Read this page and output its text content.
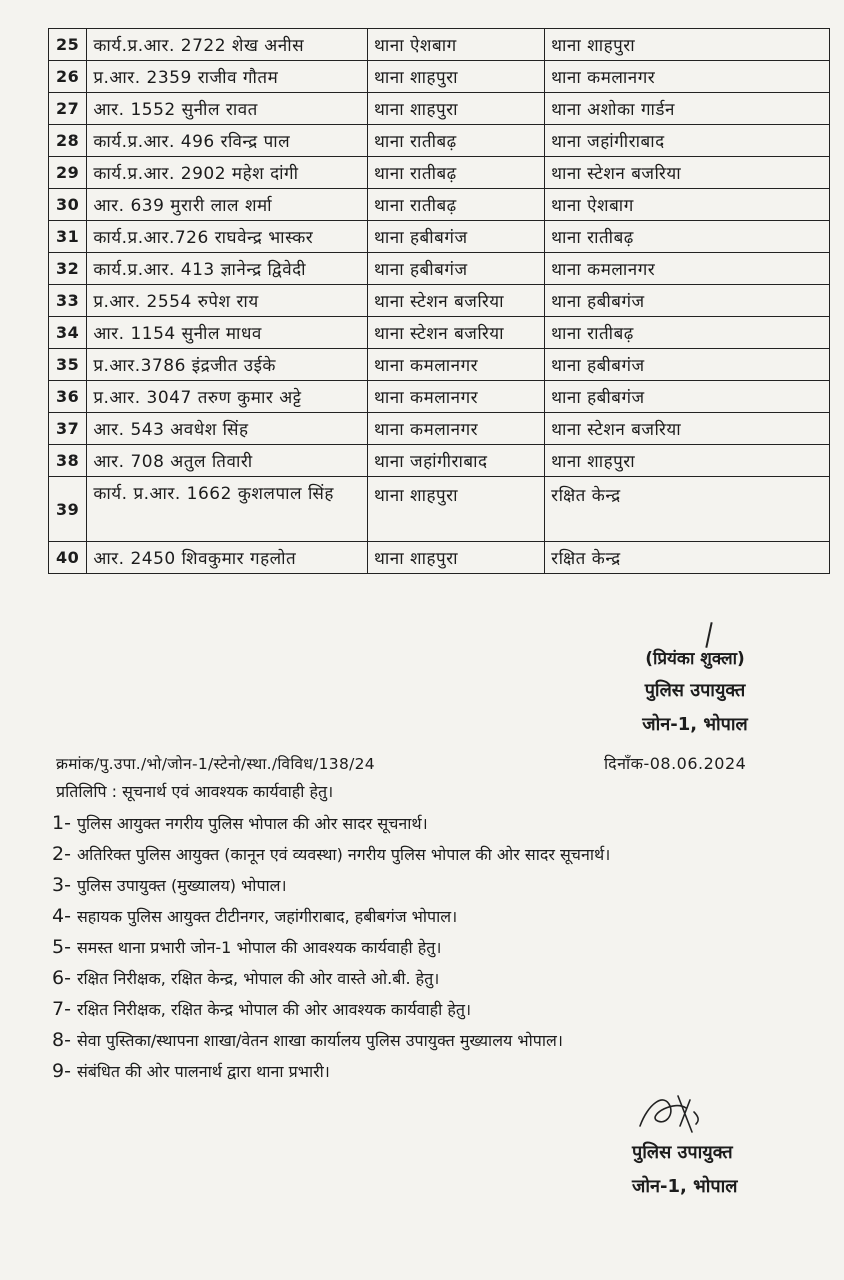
25	कार्य.प्र.आर. 2722 शेख अनीस	थाना ऐशबाग	थाना शाहपुरा
26	प्र.आर. 2359 राजीव गौतम	थाना शाहपुरा	थाना कमलानगर
27	आर. 1552 सुनील रावत	थाना शाहपुरा	थाना अशोका गार्डन
28	कार्य.प्र.आर. 496 रविन्द्र पाल	थाना रातीबढ़	थाना जहांगीराबाद
29	कार्य.प्र.आर. 2902 महेश दांगी	थाना रातीबढ़	थाना स्टेशन बजरिया
30	आर. 639 मुरारी लाल शर्मा	थाना रातीबढ़	थाना ऐशबाग
31	कार्य.प्र.आर.726 राघवेन्द्र भास्कर	थाना हबीबगंज	थाना रातीबढ़
32	कार्य.प्र.आर. 413 ज्ञानेन्द्र द्विवेदी	थाना हबीबगंज	थाना कमलानगर
33	प्र.आर. 2554 रुपेश राय	थाना स्टेशन बजरिया	थाना हबीबगंज
34	आर. 1154 सुनील माधव	थाना स्टेशन बजरिया	थाना रातीबढ़
35	प्र.आर.3786 इंद्रजीत उईके	थाना कमलानगर	थाना हबीबगंज
36	प्र.आर. 3047 तरुण कुमार अट्टे	थाना कमलानगर	थाना हबीबगंज
37	आर. 543 अवधेश सिंह	थाना कमलानगर	थाना स्टेशन बजरिया
38	आर. 708 अतुल तिवारी	थाना जहांगीराबाद	थाना शाहपुरा
39	कार्य. प्र.आर. 1662 कुशलपाल सिंह	थाना शाहपुरा	रक्षित केन्द्र
40	आर. 2450 शिवकुमार गहलोत	थाना शाहपुरा	रक्षित केन्द्र
(प्रियंका शुक्ला)
पुलिस उपायुक्त
जोन-1, भोपाल
क्रमांक/पु.उपा./भो/जोन-1/स्टेनो/स्था./विविध/138/24	दिनाँक-08.06.2024
प्रतिलिपि : सूचनार्थ एवं आवश्यक कार्यवाही हेतु।
1- पुलिस आयुक्त नगरीय पुलिस भोपाल की ओर सादर सूचनार्थ।
2- अतिरिक्त पुलिस आयुक्त (कानून एवं व्यवस्था) नगरीय पुलिस भोपाल की ओर सादर सूचनार्थ।
3- पुलिस उपायुक्त (मुख्यालय) भोपाल।
4- सहायक पुलिस आयुक्त टीटीनगर, जहांगीराबाद, हबीबगंज भोपाल।
5- समस्त थाना प्रभारी जोन-1 भोपाल की आवश्यक कार्यवाही हेतु।
6- रक्षित निरीक्षक, रक्षित केन्द्र, भोपाल की ओर वास्ते ओ.बी. हेतु।
7- रक्षित निरीक्षक, रक्षित केन्द्र भोपाल की ओर आवश्यक कार्यवाही हेतु।
8- सेवा पुस्तिका/स्थापना शाखा/वेतन शाखा कार्यालय पुलिस उपायुक्त मुख्यालय भोपाल।
9- संबंधित की ओर पालनार्थ द्वारा थाना प्रभारी।
पुलिस उपायुक्त
जोन-1, भोपाल
